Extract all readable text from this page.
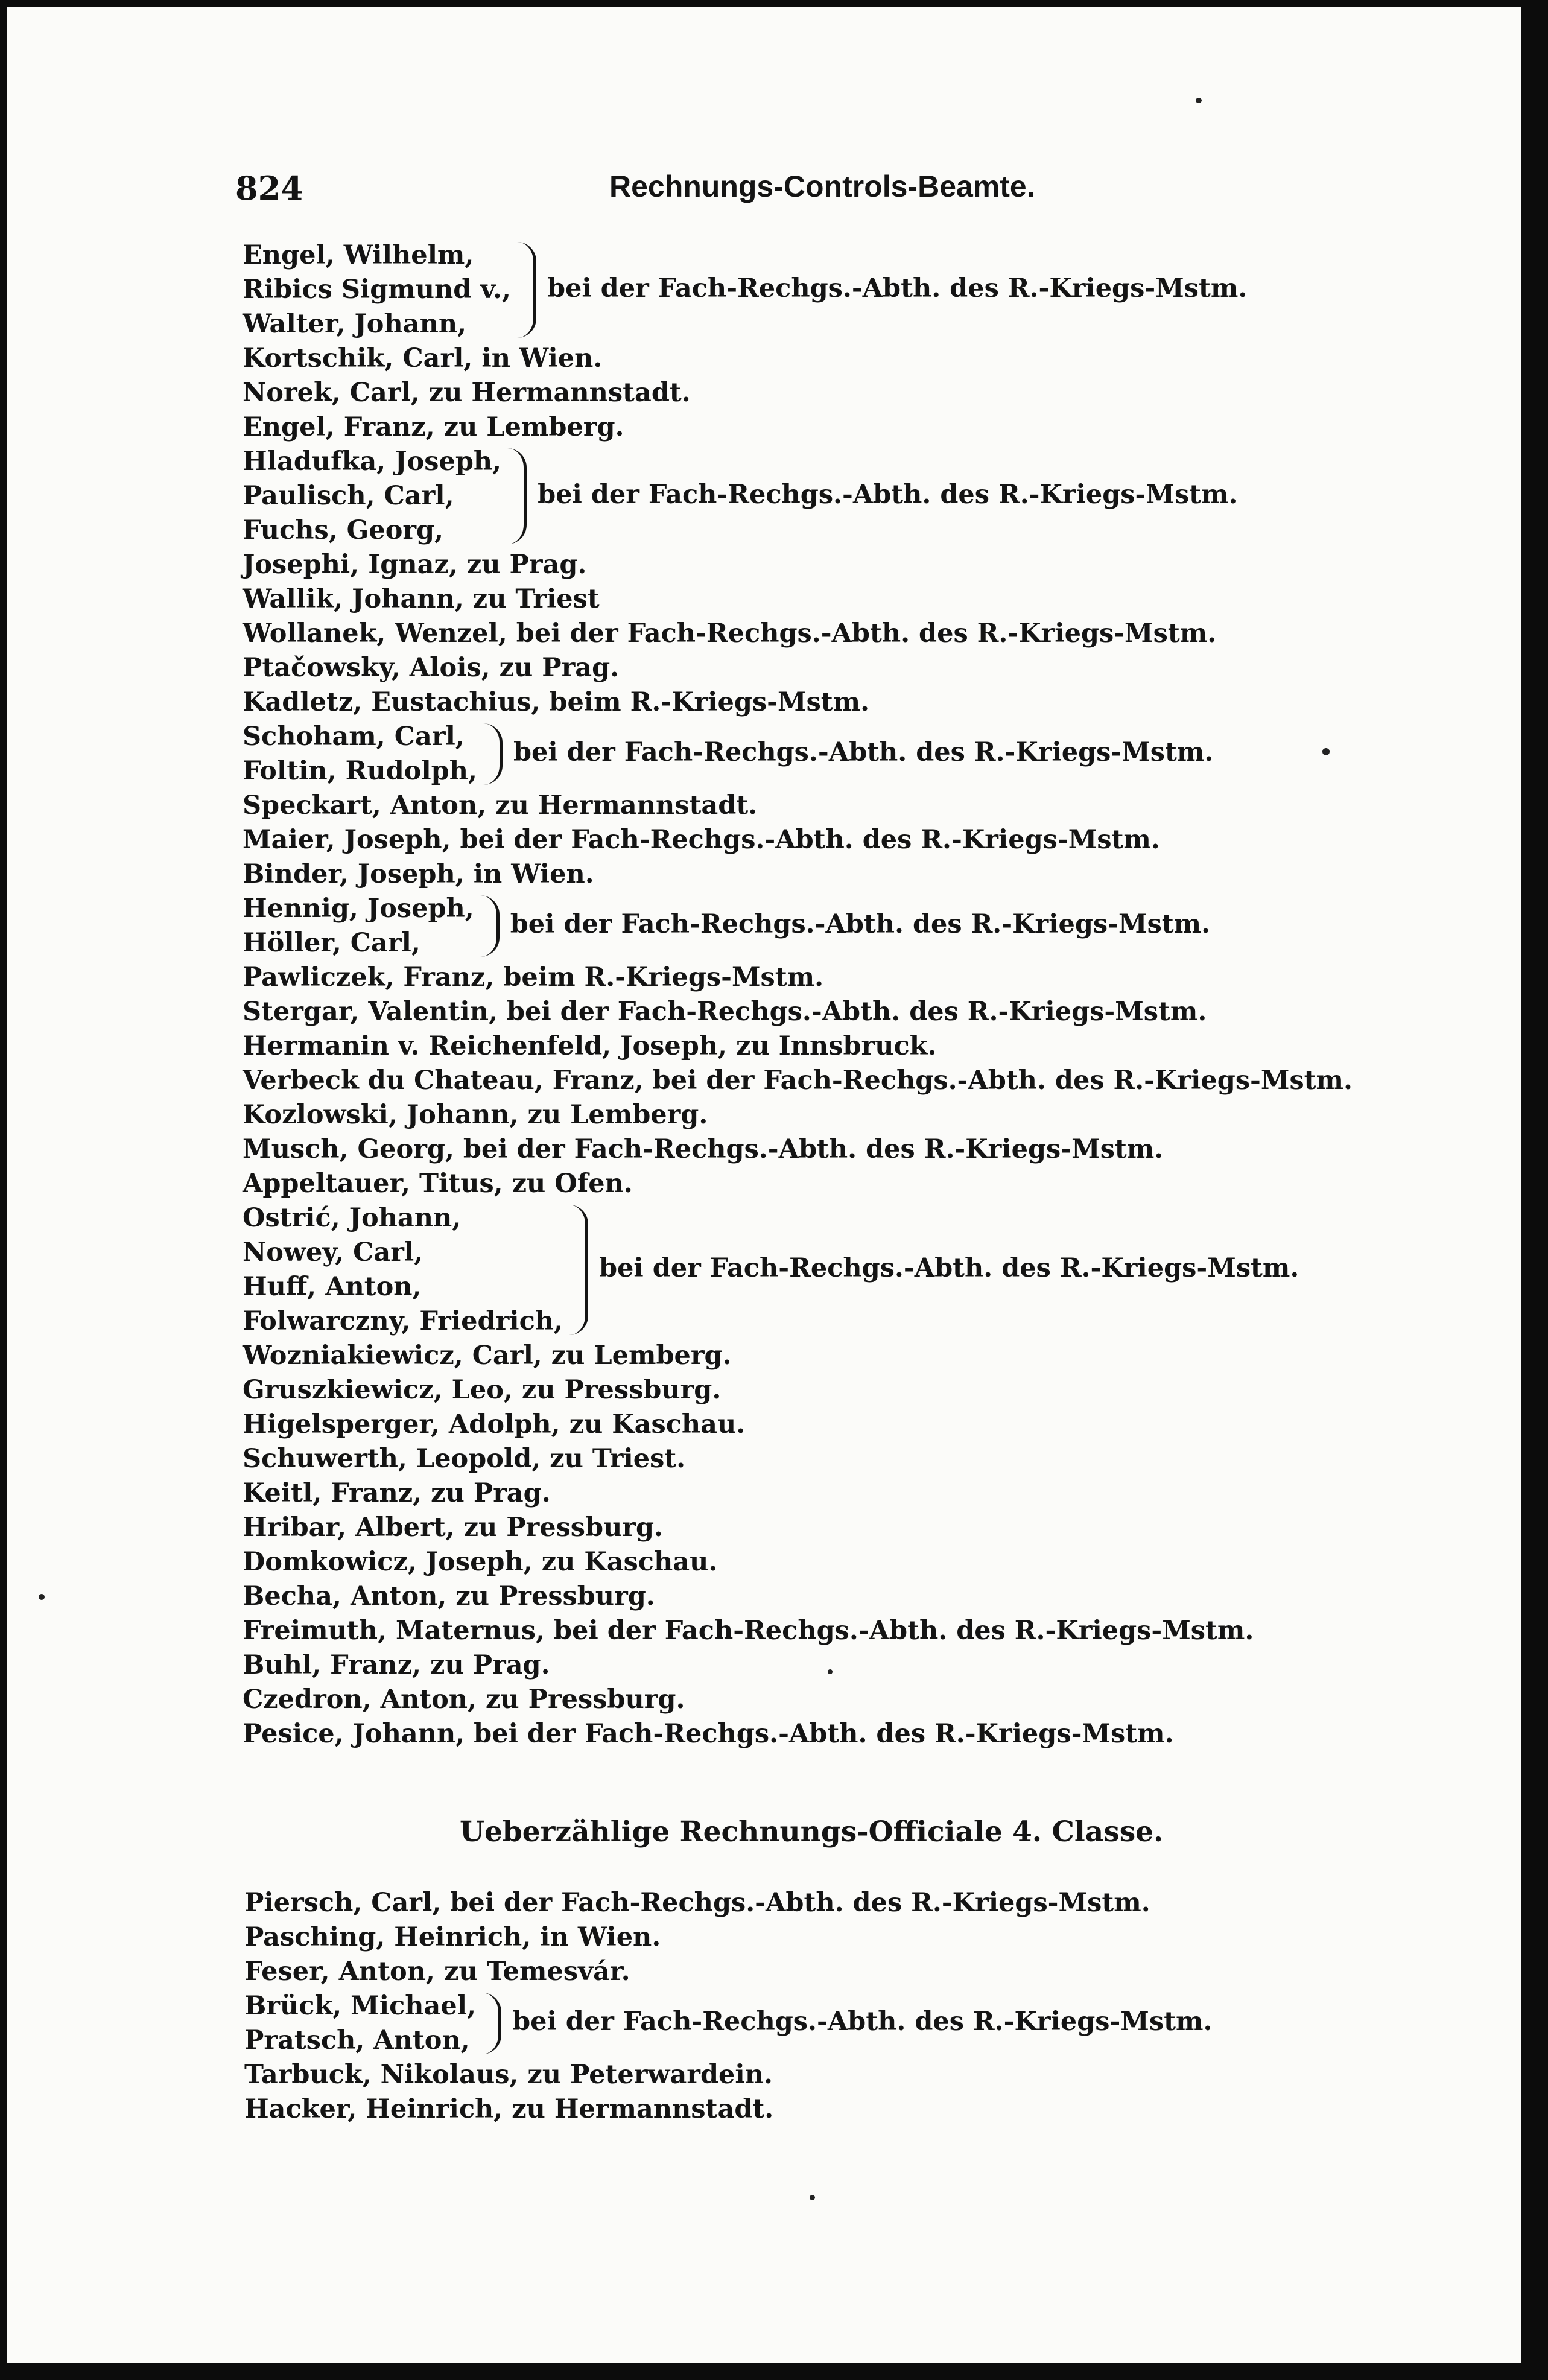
824	Rechnungs-Controls-Beamte.
Engel, Wilhelm,
Ribics Sigmund v.,
Walter, Johann,
bei der Fach-Rechgs.-Abth. des R.-Kriegs-Mstm.
Kortschik, Carl, in Wien.
Norek, Carl, zu Hermannstadt.
Engel, Franz, zu Lemberg.
Hladufka, Joseph,
Paulisch, Carl,
Fuchs, Georg,
bei der Fach-Rechgs.-Abth. des R.-Kriegs-Mstm.
Josephi, Ignaz, zu Prag.
Wallik, Johann, zu Triest
Wollanek, Wenzel, bei der Fach-Rechgs.-Abth. des R.-Kriegs-Mstm.
Ptačowsky, Alois, zu Prag.
Kadletz, Eustachius, beim R.-Kriegs-Mstm.
Schoham, Carl,
Foltin, Rudolph,
bei der Fach-Rechgs.-Abth. des R.-Kriegs-Mstm.
Speckart, Anton, zu Hermannstadt.
Maier, Joseph, bei der Fach-Rechgs.-Abth. des R.-Kriegs-Mstm.
Binder, Joseph, in Wien.
Hennig, Joseph,
Höller, Carl,
bei der Fach-Rechgs.-Abth. des R.-Kriegs-Mstm.
Pawliczek, Franz, beim R.-Kriegs-Mstm.
Stergar, Valentin, bei der Fach-Rechgs.-Abth. des R.-Kriegs-Mstm.
Hermanin v. Reichenfeld, Joseph, zu Innsbruck.
Verbeck du Chateau, Franz, bei der Fach-Rechgs.-Abth. des R.-Kriegs-Mstm.
Kozlowski, Johann, zu Lemberg.
Musch, Georg, bei der Fach-Rechgs.-Abth. des R.-Kriegs-Mstm.
Appeltauer, Titus, zu Ofen.
Ostrić, Johann,
Nowey, Carl,
Huff, Anton,
Folwarczny, Friedrich,
bei der Fach-Rechgs.-Abth. des R.-Kriegs-Mstm.
Wozniakiewicz, Carl, zu Lemberg.
Gruszkiewicz, Leo, zu Pressburg.
Higelsperger, Adolph, zu Kaschau.
Schuwerth, Leopold, zu Triest.
Keitl, Franz, zu Prag.
Hribar, Albert, zu Pressburg.
Domkowicz, Joseph, zu Kaschau.
Becha, Anton, zu Pressburg.
Freimuth, Maternus, bei der Fach-Rechgs.-Abth. des R.-Kriegs-Mstm.
Buhl, Franz, zu Prag.
Czedron, Anton, zu Pressburg.
Pesice, Johann, bei der Fach-Rechgs.-Abth. des R.-Kriegs-Mstm.
Ueberzählige Rechnungs-Officiale 4. Classe.
Piersch, Carl, bei der Fach-Rechgs.-Abth. des R.-Kriegs-Mstm.
Pasching, Heinrich, in Wien.
Feser, Anton, zu Temesvár.
Brück, Michael,
Pratsch, Anton,
bei der Fach-Rechgs.-Abth. des R.-Kriegs-Mstm.
Tarbuck, Nikolaus, zu Peterwardein.
Hacker, Heinrich, zu Hermannstadt.
